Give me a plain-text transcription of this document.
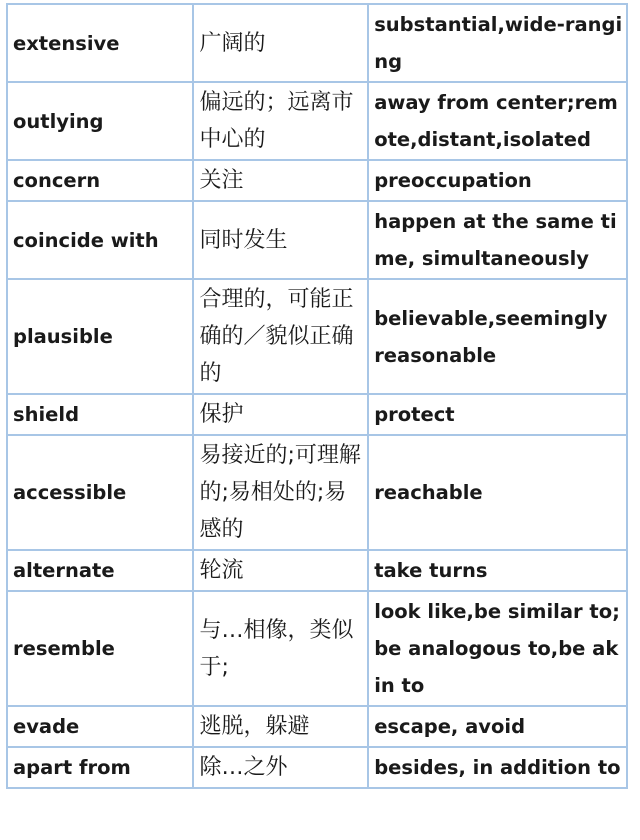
extensive	广阔的	substantial,wide-ranging
outlying	偏远的；远离市中心的	away from center;remote,distant,isolated
concern	关注	preoccupation
coincide with	同时发生	happen at the same time, simultaneously
plausible	合理的，可能正确的／貌似正确的	believable,seemingly reasonable
shield	保护	protect
accessible	易接近的;可理解的;易相处的;易感的	reachable
alternate	轮流	take turns
resemble	与…相像，类似于;	look like,be similar to;be analogous to,be akin to
evade	逃脱，躲避	escape, avoid
apart from	除…之外	besides, in addition to
